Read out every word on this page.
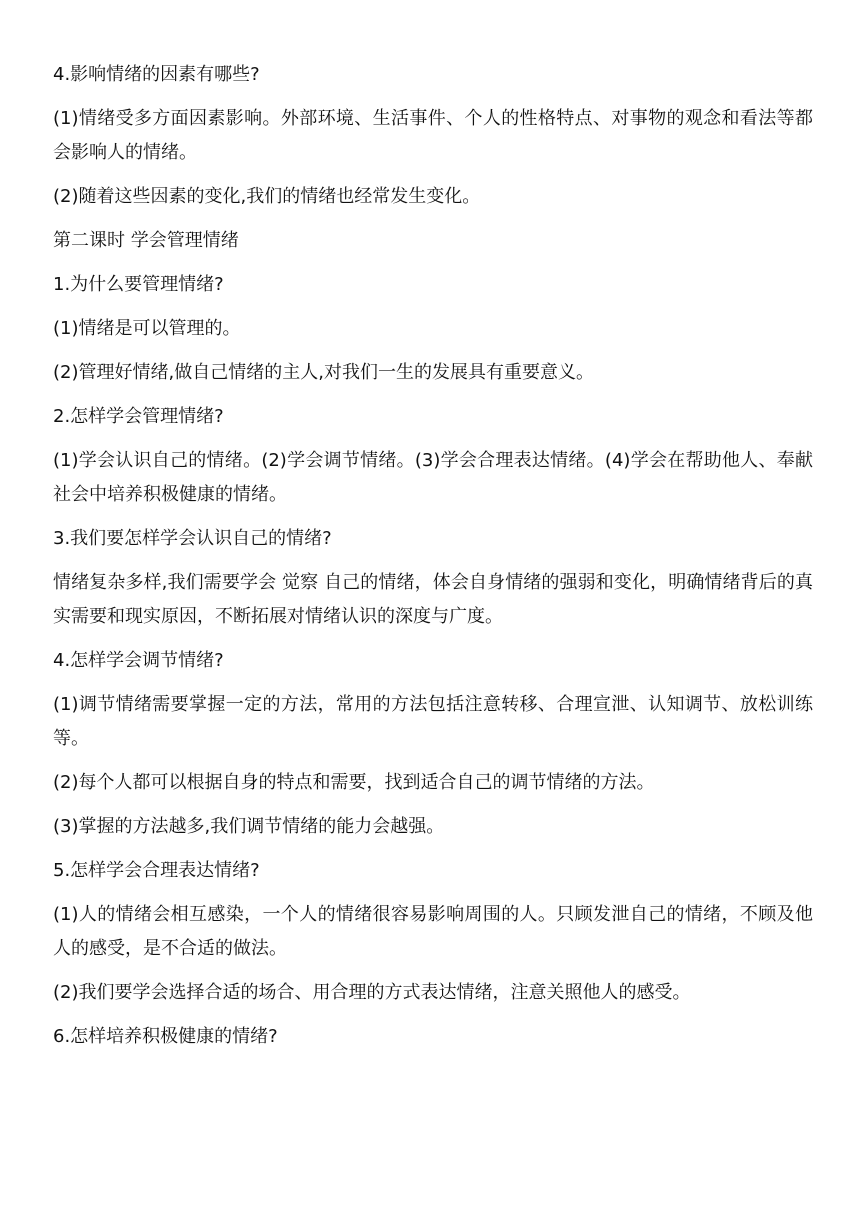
4.影响情绪的因素有哪些?

(1)情绪受多方面因素影响。外部环境、生活事件、个人的性格特点、对事物的观念和看法等都会影响人的情绪。

(2)随着这些因素的变化,我们的情绪也经常发生变化。

第二课时 学会管理情绪

1.为什么要管理情绪?

(1)情绪是可以管理的。

(2)管理好情绪,做自己情绪的主人,对我们一生的发展具有重要意义。

2.怎样学会管理情绪?

(1)学会认识自己的情绪。(2)学会调节情绪。(3)学会合理表达情绪。(4)学会在帮助他人、奉献社会中培养积极健康的情绪。

3.我们要怎样学会认识自己的情绪?

情绪复杂多样,我们需要学会 觉察 自己的情绪，体会自身情绪的强弱和变化，明确情绪背后的真实需要和现实原因，不断拓展对情绪认识的深度与广度。

4.怎样学会调节情绪?

(1)调节情绪需要掌握一定的方法，常用的方法包括注意转移、合理宣泄、认知调节、放松训练等。

(2)每个人都可以根据自身的特点和需要，找到适合自己的调节情绪的方法。

(3)掌握的方法越多,我们调节情绪的能力会越强。

5.怎样学会合理表达情绪?

(1)人的情绪会相互感染，一个人的情绪很容易影响周围的人。只顾发泄自己的情绪，不顾及他人的感受，是不合适的做法。

(2)我们要学会选择合适的场合、用合理的方式表达情绪，注意关照他人的感受。

6.怎样培养积极健康的情绪?
